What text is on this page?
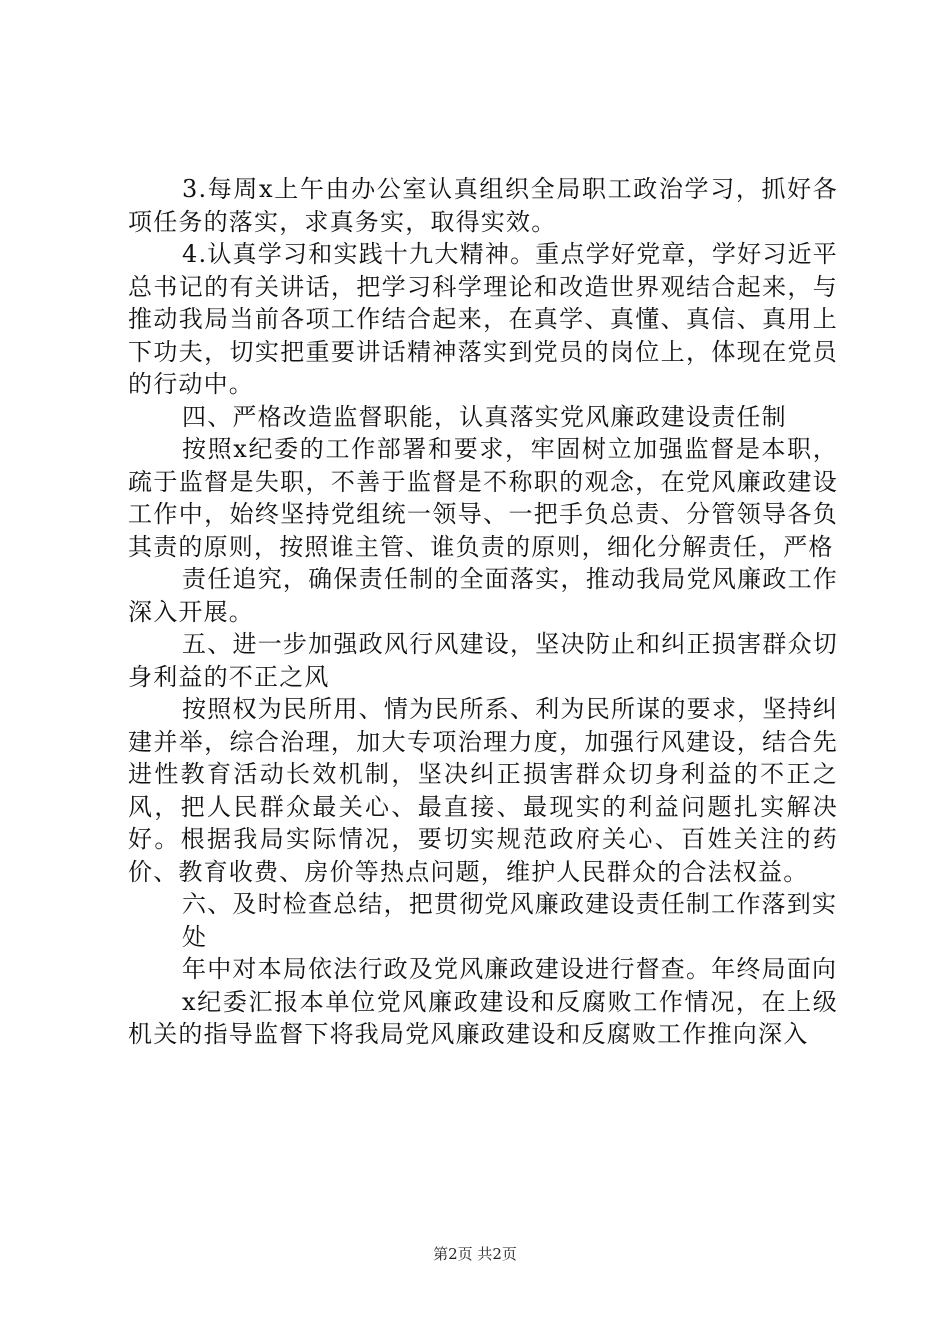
3.每周x上午由办公室认真组织全局职工政治学习，抓好各项任务的落实，求真务实，取得实效。

4.认真学习和实践十九大精神。重点学好党章，学好习近平总书记的有关讲话，把学习科学理论和改造世界观结合起来，与推动我局当前各项工作结合起来，在真学、真懂、真信、真用上下功夫，切实把重要讲话精神落实到党员的岗位上，体现在党员的行动中。

四、严格改造监督职能，认真落实党风廉政建设责任制

按照x纪委的工作部署和要求，牢固树立加强监督是本职，疏于监督是失职，不善于监督是不称职的观念，在党风廉政建设工作中，始终坚持党组统一领导、一把手负总责、分管领导各负其责的原则，按照谁主管、谁负责的原则，细化分解责任，严格

责任追究，确保责任制的全面落实，推动我局党风廉政工作深入开展。

五、进一步加强政风行风建设，坚决防止和纠正损害群众切身利益的不正之风

按照权为民所用、情为民所系、利为民所谋的要求，坚持纠建并举，综合治理，加大专项治理力度，加强行风建设，结合先进性教育活动长效机制，坚决纠正损害群众切身利益的不正之风，把人民群众最关心、最直接、最现实的利益问题扎实解决好。根据我局实际情况，要切实规范政府关心、百姓关注的药价、教育收费、房价等热点问题，维护人民群众的合法权益。

六、及时检查总结，把贯彻党风廉政建设责任制工作落到实

处

年中对本局依法行政及党风廉政建设进行督查。年终局面向

x纪委汇报本单位党风廉政建设和反腐败工作情况，在上级机关的指导监督下将我局党风廉政建设和反腐败工作推向深入

第2页 共2页
